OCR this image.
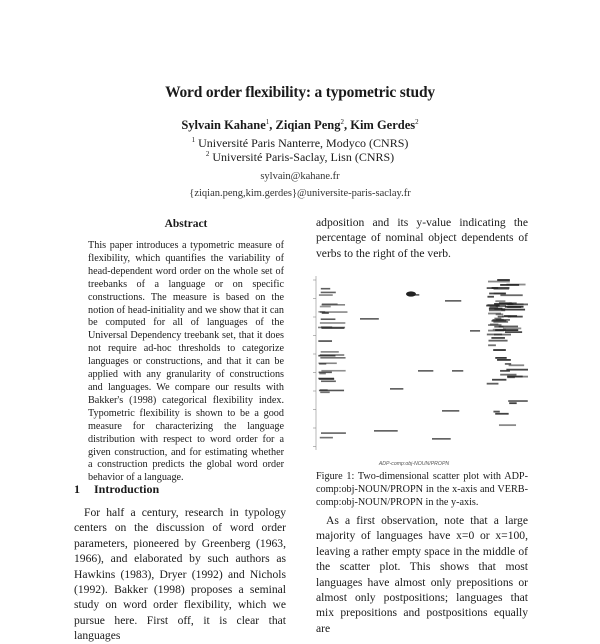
Word order flexibility: a typometric study
Sylvain Kahane$^1$, Ziqian Peng$^2$, Kim Gerdes$^2$
$^1$ Université Paris Nanterre, Modyco (CNRS)
$^2$ Université Paris-Saclay, Lisn (CNRS)
sylvain@kahane.fr
{ziqian.peng,kim.gerdes}@universite-paris-saclay.fr
Abstract

This paper introduces a typometric measure of flexibility, which quantifies the variability of head-dependent word order on the whole set of treebanks of a language or on specific constructions. The measure is based on the notion of head-initiality and we show that it can be computed for all of languages of the Universal Dependency treebank set, that it does not require ad-hoc thresholds to categorize languages or constructions, and that it can be applied with any granularity of constructions and languages. We compare our results with Bakker's (1998) categorical flexibility index. Typometric flexibility is shown to be a good measure for characterizing the language distribution with respect to word order for a given construction, and for estimating whether a construction predicts the global word order behavior of a language.

1 Introduction

For half a century, research in typology centers on the discussion of word order parameters, pioneered by Greenberg (1963, 1966), and elaborated by such authors as Hawkins (1983), Dryer (1992) and Nichols (1992). Bakker (1998) proposes a seminal study on word order flexibility, which we pursue here. First off, it is clear that languages

adposition and its y-value indicating the percentage of nominal object dependents of verbs to the right of the verb.

ADP-comp:obj-NOUN/PROPN
Figure 1: Two-dimensional scatter plot with ADP-comp:obj-NOUN/PROPN in the x-axis and VERB-comp:obj-NOUN/PROPN in the y-axis.

As a first observation, note that a large majority of languages have x=0 or x=100, leaving a rather empty space in the middle of the scatter plot. This shows that most languages have almost only prepositions or almost only postpositions; languages that mix prepositions and postpositions equally are
